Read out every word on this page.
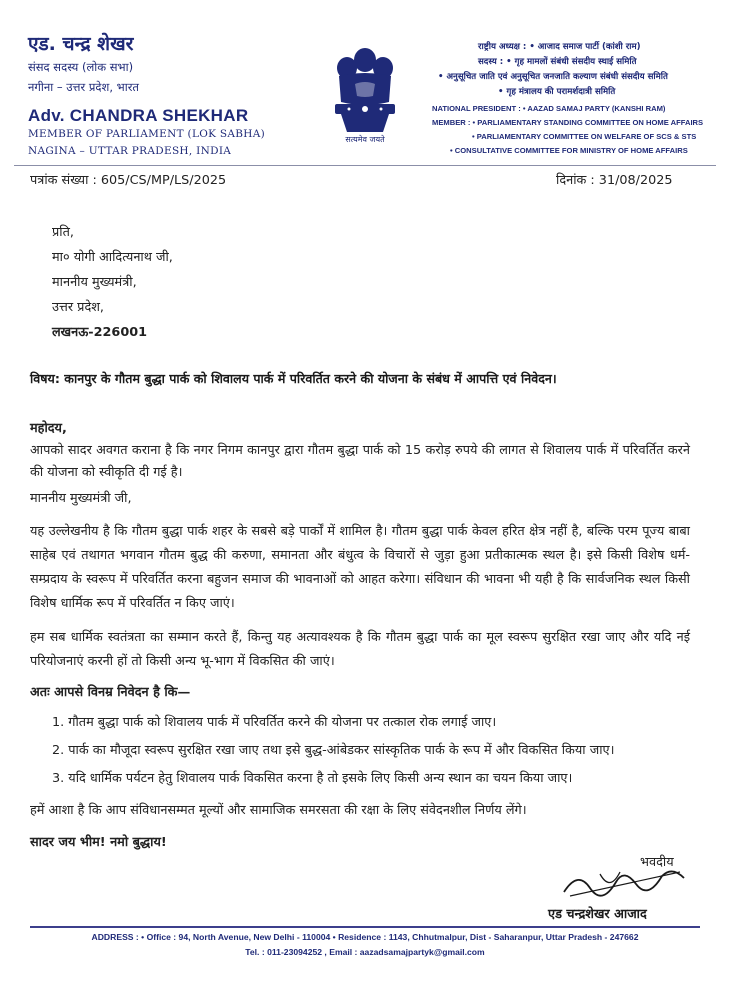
एड. चन्द्र शेखर
संसद सदस्य (लोक सभा)
नगीना – उत्तर प्रदेश, भारत
Adv. CHANDRA SHEKHAR
MEMBER OF PARLIAMENT (LOK SABHA)
NAGINA – UTTAR PRADESH, INDIA
सत्यमेव जयते
राष्ट्रीय अध्यक्ष : • आजाद समाज पार्टी (कांशी राम)
सदस्य : • गृह मामलों संबंधी संसदीय स्थाई समिति
• अनुसूचित जाति एवं अनुसूचित जनजाति कल्याण संबंधी संसदीय समिति
• गृह मंत्रालय की परामर्शदात्री समिति
NATIONAL PRESIDENT : • AAZAD SAMAJ PARTY (KANSHI RAM)
MEMBER : • PARLIAMENTARY STANDING COMMITTEE ON HOME AFFAIRS
• PARLIAMENTARY COMMITTEE ON WELFARE OF SCS & STS
• CONSULTATIVE COMMITTEE FOR MINISTRY OF HOME AFFAIRS
पत्रांक संख्या : 605/CS/MP/LS/2025	दिनांक : 31/08/2025
प्रति,
मा० योगी आदित्यनाथ जी,
माननीय मुख्यमंत्री,
उत्तर प्रदेश,
लखनऊ-226001
विषय: कानपुर के गौतम बुद्धा पार्क को शिवालय पार्क में परिवर्तित करने की योजना के संबंध में आपत्ति एवं निवेदन।
महोदय,
आपको सादर अवगत कराना है कि नगर निगम कानपुर द्वारा गौतम बुद्धा पार्क को 15 करोड़ रुपये की लागत से शिवालय पार्क में परिवर्तित करने की योजना को स्वीकृति दी गई है।
माननीय मुख्यमंत्री जी,
यह उल्लेखनीय है कि गौतम बुद्धा पार्क शहर के सबसे बड़े पार्कों में शामिल है। गौतम बुद्धा पार्क केवल हरित क्षेत्र नहीं है, बल्कि परम पूज्य बाबा साहेब एवं तथागत भगवान गौतम बुद्ध की करुणा, समानता और बंधुत्व के विचारों से जुड़ा हुआ प्रतीकात्मक स्थल है। इसे किसी विशेष धर्म-सम्प्रदाय के स्वरूप में परिवर्तित करना बहुजन समाज की भावनाओं को आहत करेगा। संविधान की भावना भी यही है कि सार्वजनिक स्थल किसी विशेष धार्मिक रूप में परिवर्तित न किए जाएं।
हम सब धार्मिक स्वतंत्रता का सम्मान करते हैं, किन्तु यह अत्यावश्यक है कि गौतम बुद्धा पार्क का मूल स्वरूप सुरक्षित रखा जाए और यदि नई परियोजनाएं करनी हों तो किसी अन्य भू-भाग में विकसित की जाएं।
अतः आपसे विनम्र निवेदन है कि—
1. गौतम बुद्धा पार्क को शिवालय पार्क में परिवर्तित करने की योजना पर तत्काल रोक लगाई जाए।
2. पार्क का मौजूदा स्वरूप सुरक्षित रखा जाए तथा इसे बुद्ध-आंबेडकर सांस्कृतिक पार्क के रूप में और विकसित किया जाए।
3. यदि धार्मिक पर्यटन हेतु शिवालय पार्क विकसित करना है तो इसके लिए किसी अन्य स्थान का चयन किया जाए।
हमें आशा है कि आप संविधानसम्मत मूल्यों और सामाजिक समरसता की रक्षा के लिए संवेदनशील निर्णय लेंगे।
सादर जय भीम! नमो बुद्धाय!
भवदीय
एड चन्द्रशेखर आजाद
ADDRESS : • Office : 94, North Avenue, New Delhi - 110004 • Residence : 1143, Chhutmalpur, Dist - Saharanpur, Uttar Pradesh - 247662
Tel. : 011-23094252 , Email : aazadsamajpartyk@gmail.com
